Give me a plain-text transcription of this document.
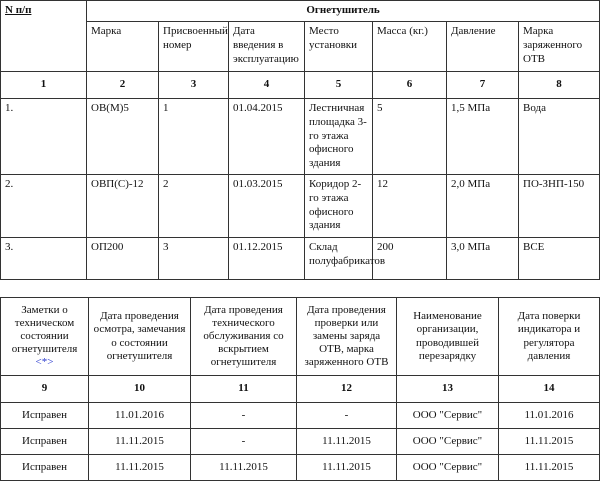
N п/п	Огнетушитель						
	Марка	Присвоенный номер	Дата введения в эксплуатацию	Место установки	Масса (кг.)	Давление	Марка заряженного ОТВ
1	2	3	4	5	6	7	8
1.	ОВ(М)5	1	01.04.2015	Лестничная площадка 3-го этажа офисного здания	5	1,5 МПа	Вода
2.	ОВП(С)-12	2	01.03.2015	Коридор 2-го этажа офисного здания	12	2,0 МПа	ПО-ЗНП-150
3.	ОП200	3	01.12.2015	Склад полуфабрикатов	200	3,0 МПа	ВСЕ
Заметки о техническом состоянии огнетушителя <*>	Дата проведения осмотра, замечания о состоянии огнетушителя	Дата проведения технического обслуживания со вскрытием огнетушителя	Дата проведения проверки или замены заряда ОТВ, марка заряженного ОТВ	Наименование организации, проводившей перезарядку	Дата поверки индикатора и регулятора давления
9	10	11	12	13	14
Исправен	11.01.2016	-	-	ООО "Сервис"	11.01.2016
Исправен	11.11.2015	-	11.11.2015	ООО "Сервис"	11.11.2015
Исправен	11.11.2015	11.11.2015	11.11.2015	ООО "Сервис"	11.11.2015
